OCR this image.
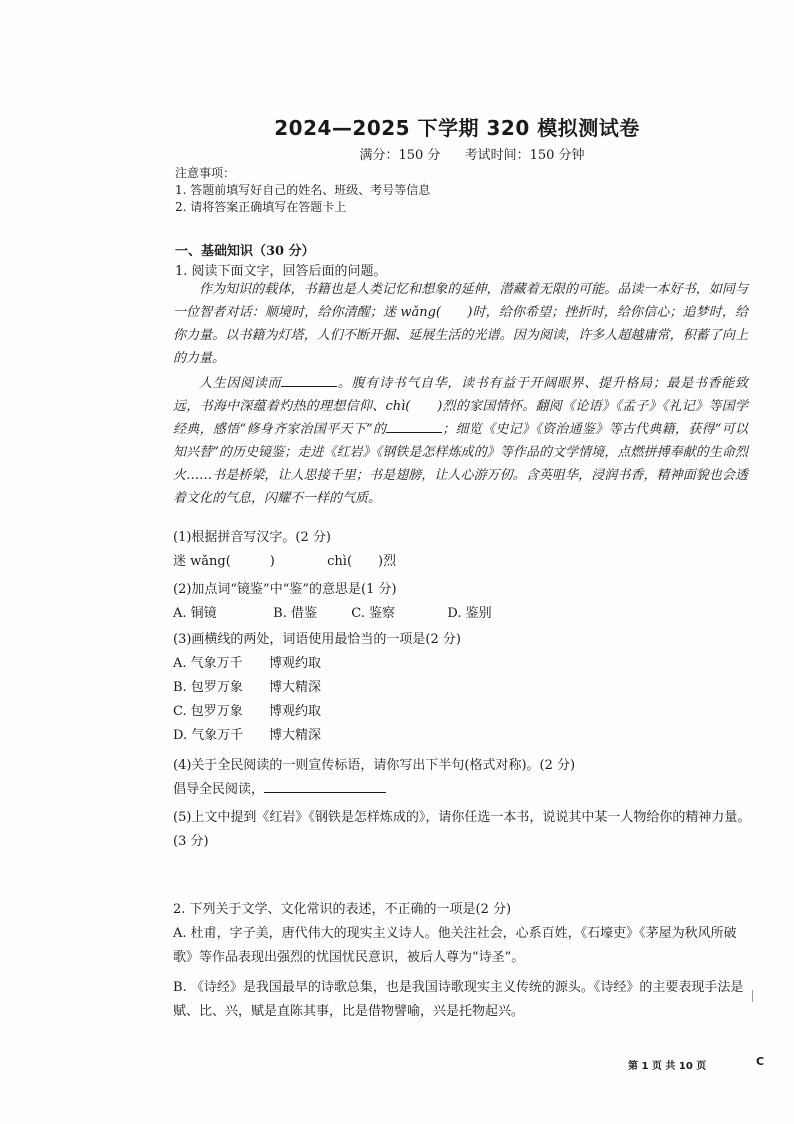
2024—2025 下学期 320 模拟测试卷
满分：150 分 考试时间：150 分钟
注意事项：
1. 答题前填写好自己的姓名、班级、考号等信息
2. 请将答案正确填写在答题卡上
一、基础知识（30 分）
1. 阅读下面文字，回答后面的问题。

作为知识的载体，书籍也是人类记忆和想象的延伸，潜藏着无限的可能。品读一本好书，如同与一位智者对话：顺境时，给你清醒；迷 wǎng(　　)时，给你希望；挫折时，给你信心；追梦时，给你力量。以书籍为灯塔，人们不断开掘、延展生活的光谱。因为阅读，许多人超越庸常，积蓄了向上的力量。

人生因阅读而	。腹有诗书气自华，读书有益于开阔眼界、提升格局；最是书香能致远，书海中深蕴着灼热的理想信仰、chì(　　)烈的家国情怀。翻阅《论语》《孟子》《礼记》等国学经典，感悟“修身齐家治国平天下”的	；细览《史记》《资治通鉴》等古代典籍，获得“可以知兴替”的历史镜鉴；走进《红岩》《钢铁是怎样炼成的》等作品的文学情境，点燃拼搏奉献的生命烈火……书是桥梁，让人思接千里；书是翅膀，让人心游万仞。含英咀华，浸润书香，精神面貌也会透着文化的气息，闪耀不一样的气质。

(1)根据拼音写汉字。(2 分)
迷 wǎng(　　　)	chì(　　)烈
(2)加点词“镜鉴”中“鉴”的意思是(1 分)
A. 铜镜	B. 借鉴	C. 鉴察	D. 鉴别
(3)画横线的两处，词语使用最恰当的一项是(2 分)
A. 气象万千 博观约取
B. 包罗万象 博大精深
C. 包罗万象 博观约取
D. 气象万千 博大精深
(4)关于全民阅读的一则宣传标语，请你写出下半句(格式对称)。(2 分)
倡导全民阅读，
(5)上文中提到《红岩》《钢铁是怎样炼成的》，请你任选一本书，说说其中某一人物给你的精神力量。(3 分)
2. 下列关于文学、文化常识的表述，不正确的一项是(2 分)
A. 杜甫，字子美，唐代伟大的现实主义诗人。他关注社会，心系百姓，《石壕吏》《茅屋为秋风所破歌》等作品表现出强烈的忧国忧民意识，被后人尊为“诗圣”。
B. 《诗经》是我国最早的诗歌总集，也是我国诗歌现实主义传统的源头。《诗经》的主要表现手法是赋、比、兴，赋是直陈其事，比是借物譬喻，兴是托物起兴。
第 1 页 共 10 页	C
